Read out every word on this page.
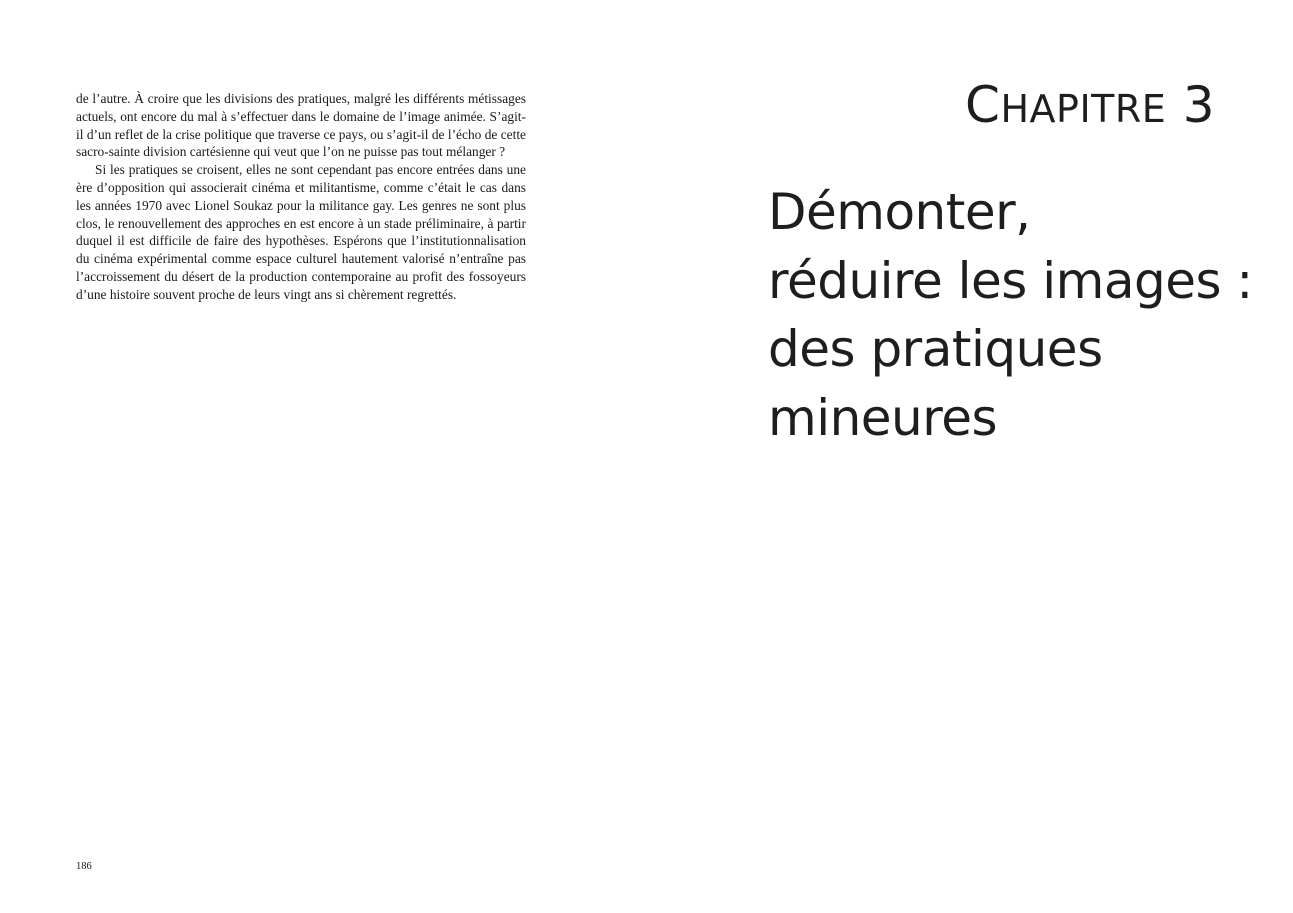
de l’autre. À croire que les divisions des pratiques, malgré les différents métissages actuels, ont encore du mal à s’effectuer dans le domaine de l’image animée. S’agit-il d’un reflet de la crise politique que traverse ce pays, ou s’agit-il de l’écho de cette sacro-sainte division cartésienne qui veut que l’on ne puisse pas tout mélanger ?

Si les pratiques se croisent, elles ne sont cependant pas encore entrées dans une ère d’opposition qui associerait cinéma et militantisme, comme c’était le cas dans les années 1970 avec Lionel Soukaz pour la militance gay. Les genres ne sont plus clos, le renouvellement des approches en est encore à un stade préliminaire, à partir duquel il est difficile de faire des hypothèses. Espérons que l’institutionnalisation du cinéma expérimental comme espace culturel hautement valorisé n’entraîne pas l’accroissement du désert de la production contemporaine au profit des fossoyeurs d’une histoire souvent proche de leurs vingt ans si chèrement regrettés.

186
CHAPITRE 3
Démonter,
réduire les images :
des pratiques
mineures
